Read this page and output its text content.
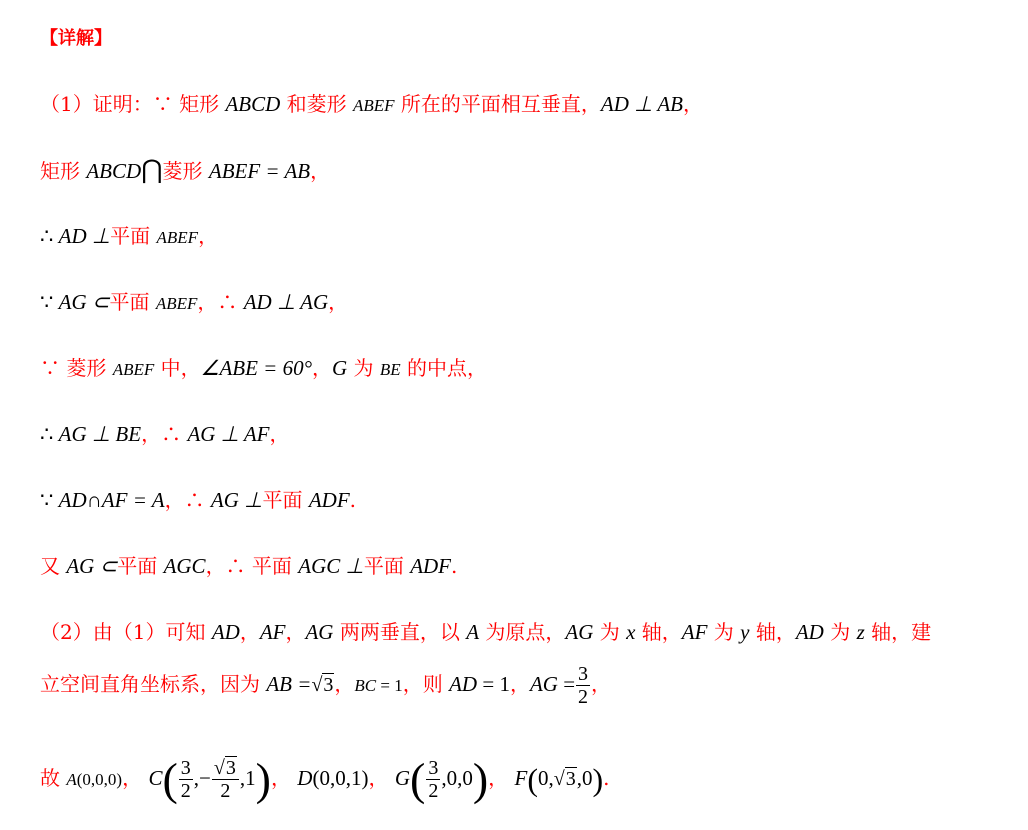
【详解】
（1）证明：∵ 矩形 ABCD 和菱形 ABEF 所在的平面相互垂直，AD ⊥ AB，
矩形 ABCD⋂菱形 ABEF = AB，
∴ AD ⊥平面 ABEF，
∵ AG ⊂平面 ABEF，∴ AD ⊥ AG，
∵ 菱形 ABEF 中，∠ABE = 60°，G 为 BE 的中点，
∴ AG ⊥ BE，∴ AG ⊥ AF，
∵ AD∩AF = A，∴ AG ⊥平面 ADF.
又 AG ⊂平面 AGC，∴ 平面 AGC ⊥平面 ADF.
（2）由（1）可知 AD，AF，AG 两两垂直，以 A 为原点，AG 为 x 轴，AF 为 y 轴，AD 为 z 轴，建
立空间直角坐标系，因为 AB =√3，BC = 1，则 AD = 1，AG = $\frac{3}{2}$ ，
故 A(0,0,0)， $C( \frac{3}{2}$ ,− $\frac{√3}{2} ,1$)， D(0,0,1)， $G( \frac{3}{2} ,0,0)$， F(0,√3,0).
